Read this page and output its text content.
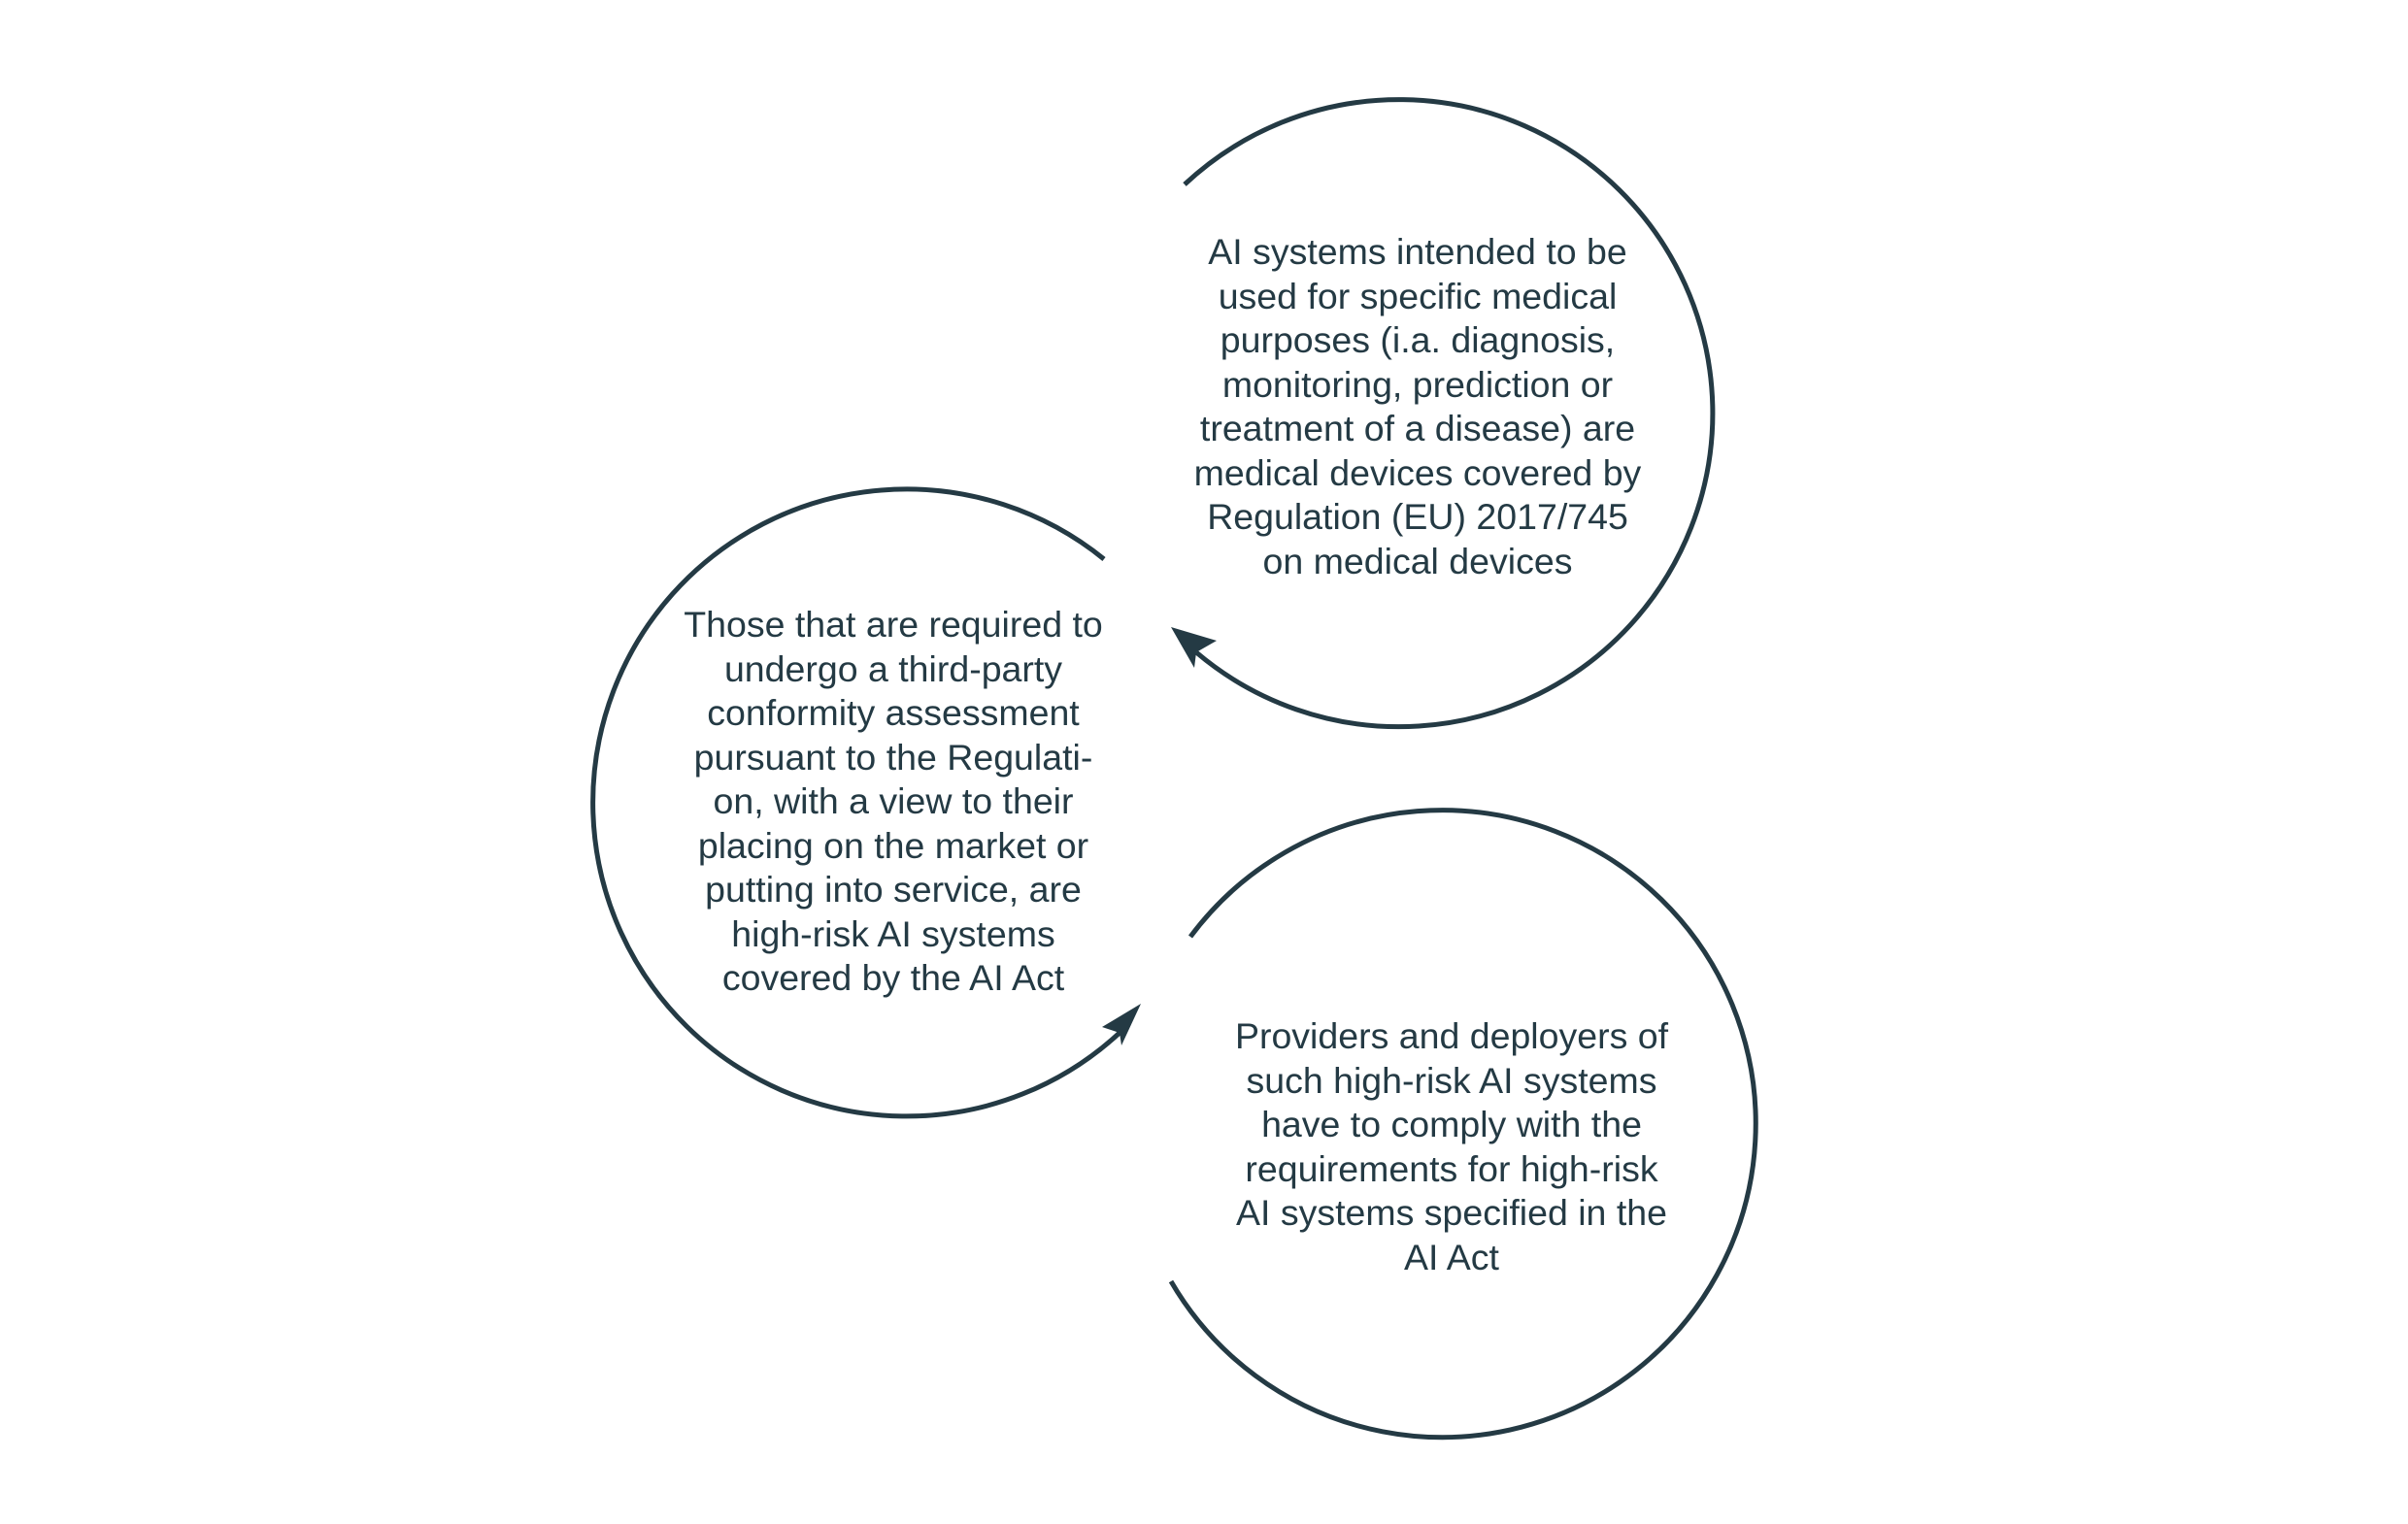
AI systems intended to be
used for specific medical
purposes (i.a. diagnosis,
monitoring, prediction or
treatment of a disease) are
medical devices covered by
Regulation (EU) 2017/745
on medical devices

Those that are required to
undergo a third-party
conformity assessment
pursuant to the Regulati-
on, with a view to their
placing on the market or
putting into service, are
high-risk AI systems
covered by the AI Act

Providers and deployers of
such high-risk AI systems
have to comply with the
requirements for high-risk
AI systems specified in the
AI Act
